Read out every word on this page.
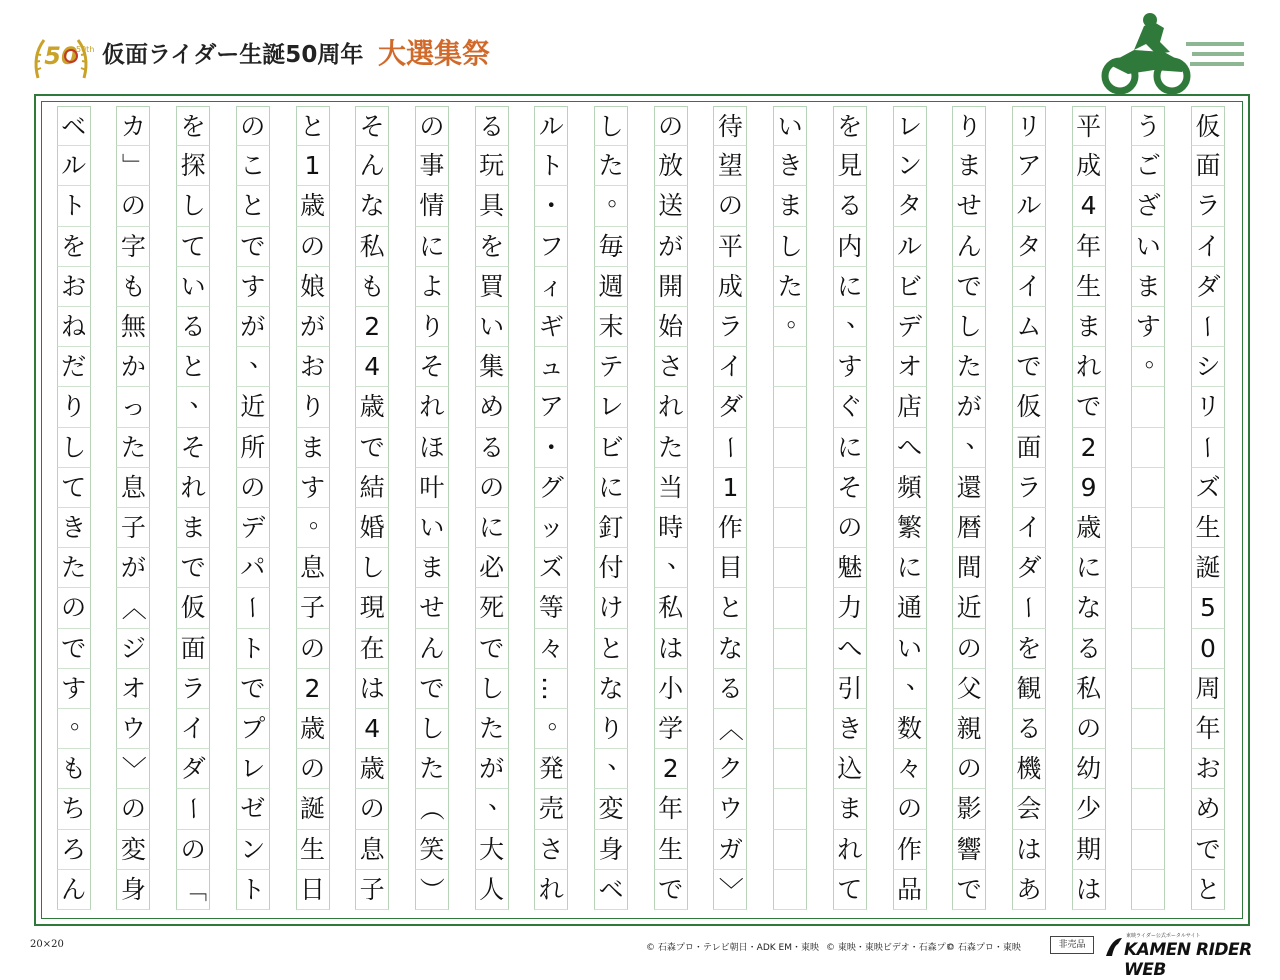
50
50th 仮面ライダー生誕50周年 大選集祭
仮
面
ラ
イ
ダ
ー
シ
リ
ー
ズ
生
誕
5
0
周
年
お
め
で
と
う
ご
ざ
い
ま
す
。
平
成
4
年
生
ま
れ
で
2
9
歳
に
な
る
私
の
幼
少
期
は
リ
ア
ル
タ
イ
ム
で
仮
面
ラ
イ
ダ
ー
を
観
る
機
会
は
あ
り
ま
せ
ん
で
し
た
が
、
還
暦
間
近
の
父
親
の
影
響
で
レ
ン
タ
ル
ビ
デ
オ
店
へ
頻
繁
に
通
い
、
数
々
の
作
品
を
見
る
内
に
、
す
ぐ
に
そ
の
魅
力
へ
引
き
込
ま
れ
て
い
き
ま
し
た
。
待
望
の
平
成
ラ
イ
ダ
ー
1
作
目
と
な
る
〈
ク
ウ
ガ
〉
の
放
送
が
開
始
さ
れ
た
当
時
、
私
は
小
学
2
年
生
で
し
た
。
毎
週
末
テ
レ
ビ
に
釘
付
け
と
な
り
、
変
身
ベ
ル
ト
・
フ
ィ
ギ
ュ
ア
・
グ
ッ
ズ
等
々
…
。
発
売
さ
れ
る
玩
具
を
買
い
集
め
る
の
に
必
死
で
し
た
が
、
大
人
の
事
情
に
よ
り
そ
れ
ほ
叶
い
ま
せ
ん
で
し
た
（
笑
）
そ
ん
な
私
も
2
4
歳
で
結
婚
し
現
在
は
4
歳
の
息
子
と
1
歳
の
娘
が
お
り
ま
す
。
息
子
の
2
歳
の
誕
生
日
の
こ
と
で
す
が
、
近
所
の
デ
パ
ー
ト
で
プ
レ
ゼ
ン
ト
を
探
し
て
い
る
と
、
そ
れ
ま
で
仮
面
ラ
イ
ダ
ー
の
「
カ
」
の
字
も
無
か
っ
た
息
子
が
〈
ジ
オ
ウ
〉
の
変
身
ベ
ル
ト
を
お
ね
だ
り
し
て
き
た
の
で
す
。
も
ち
ろ
ん
20×20	© 石森プロ・テレビ朝日・ADK EM・東映 © 東映・東映ビデオ・石森プロ
© 石森プロ・東映	非売品
東映ライダー公式ポータルサイト
KAMEN RIDER WEB
